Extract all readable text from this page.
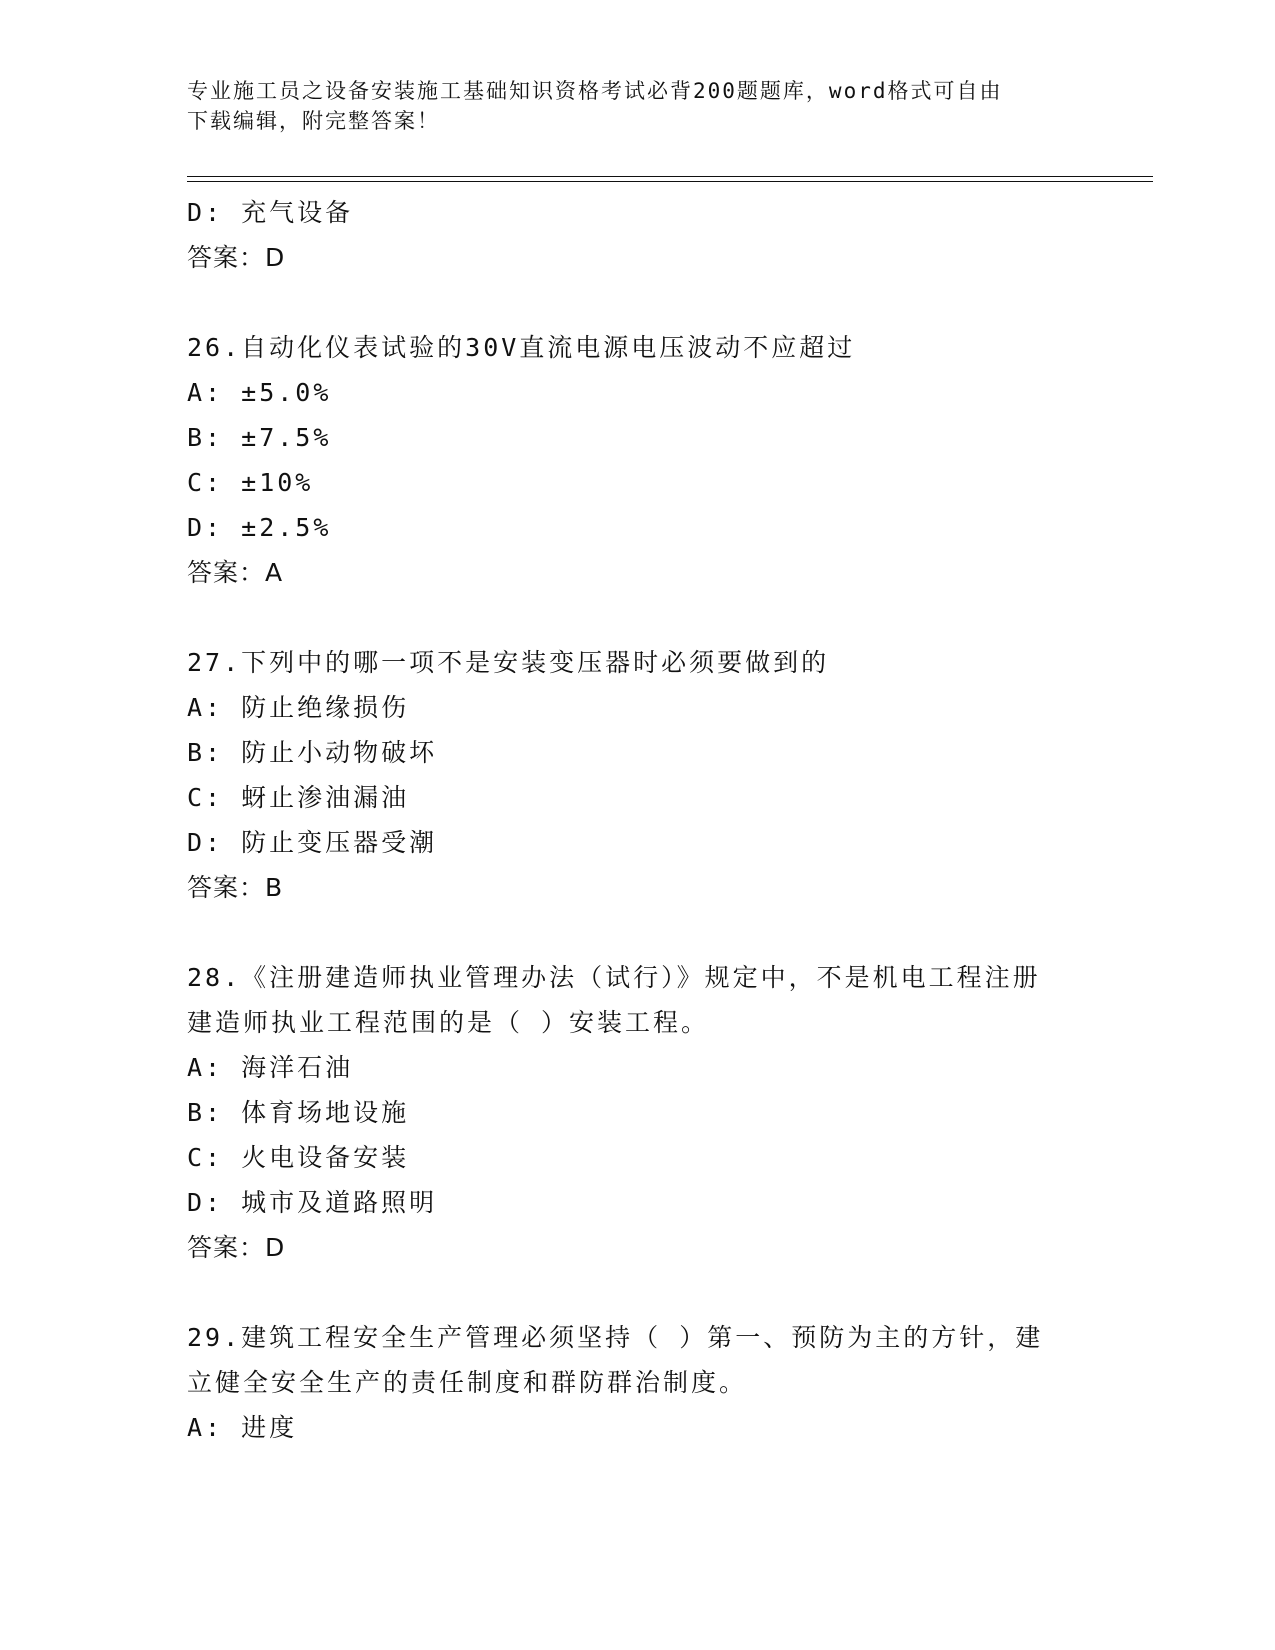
专业施工员之设备安装施工基础知识资格考试必背200题题库，word格式可自由
下载编辑，附完整答案！
D: 充气设备
答案：D
26.自动化仪表试验的30V直流电源电压波动不应超过
A: ±5.0%
B: ±7.5%
C: ±10%
D: ±2.5%
答案：A
27.下列中的哪一项不是安装变压器时必须要做到的
A: 防止绝缘损伤
B: 防止小动物破坏
C: 蚜止渗油漏油
D: 防止变压器受潮
答案：B
28.《注册建造师执业管理办法（试行）》规定中，不是机电工程注册
建造师执业工程范围的是（ ）安装工程。
A: 海洋石油
B: 体育场地设施
C: 火电设备安装
D: 城市及道路照明
答案：D
29.建筑工程安全生产管理必须坚持（ ）第一、预防为主的方针，建
立健全安全生产的责任制度和群防群治制度。
A: 进度
